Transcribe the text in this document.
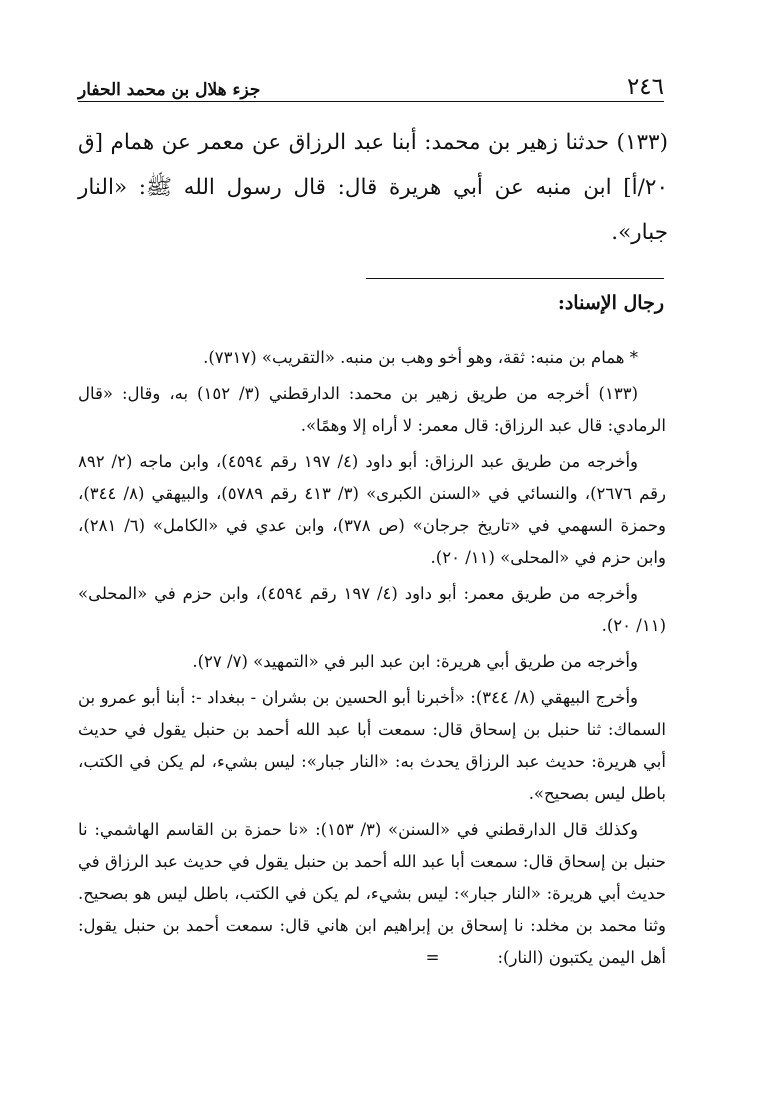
٢٤٦
جزء هلال بن محمد الحفار

(١٣٣) حدثنا زهير بن محمد: أبنا عبد الرزاق عن معمر عن همام [ق ٢٠/أ] ابن منبه عن أبي هريرة قال: قال رسول الله ﷺ: «النار جبار».

رجال الإسناد:

* همام بن منبه: ثقة، وهو أخو وهب بن منبه. «التقريب» (٧٣١٧).

(١٣٣) أخرجه من طريق زهير بن محمد: الدارقطني (٣/ ١٥٢) به، وقال: «قال الرمادي: قال عبد الرزاق: قال معمر: لا أراه إلا وهمًا».

وأخرجه من طريق عبد الرزاق: أبو داود (٤/ ١٩٧ رقم ٤٥٩٤)، وابن ماجه (٢/ ٨٩٢ رقم ٢٦٧٦)، والنسائي في «السنن الكبرى» (٣/ ٤١٣ رقم ٥٧٨٩)، والبيهقي (٨/ ٣٤٤)، وحمزة السهمي في «تاريخ جرجان» (ص ٣٧٨)، وابن عدي في «الكامل» (٦/ ٢٨١)، وابن حزم في «المحلى» (١١/ ٢٠).

وأخرجه من طريق معمر: أبو داود (٤/ ١٩٧ رقم ٤٥٩٤)، وابن حزم في «المحلى» (١١/ ٢٠).

وأخرجه من طريق أبي هريرة: ابن عبد البر في «التمهيد» (٧/ ٢٧).

وأخرج البيهقي (٨/ ٣٤٤): «أخبرنا أبو الحسين بن بشران - ببغداد -: أبنا أبو عمرو بن السماك: ثنا حنبل بن إسحاق قال: سمعت أبا عبد الله أحمد بن حنبل يقول في حديث أبي هريرة: حديث عبد الرزاق يحدث به: «النار جبار»: ليس بشيء، لم يكن في الكتب، باطل ليس بصحيح».

وكذلك قال الدارقطني في «السنن» (٣/ ١٥٣): «نا حمزة بن القاسم الهاشمي: نا حنبل بن إسحاق قال: سمعت أبا عبد الله أحمد بن حنبل يقول في حديث عبد الرزاق في حديث أبي هريرة: «النار جبار»: ليس بشيء، لم يكن في الكتب، باطل ليس هو بصحيح. وثنا محمد بن مخلد: نا إسحاق بن إبراهيم ابن هاني قال: سمعت أحمد بن حنبل يقول: أهل اليمن يكتبون (النار):=
